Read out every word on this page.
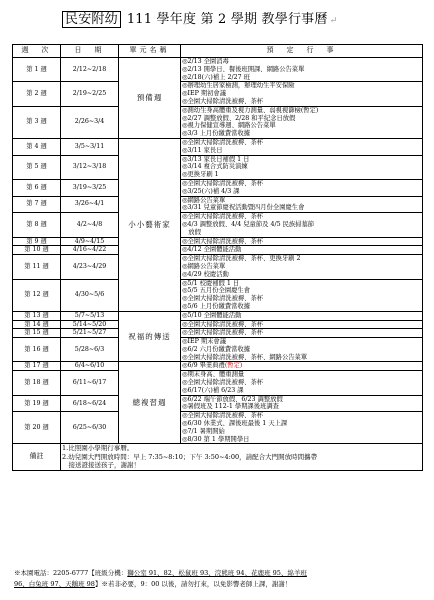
民安附幼 111 學年度 第 2 學期 教學行事曆 ↵
週　次	日　期	單元名稱	預　定　行　事
第 1 週	2/12~2/18	預備週	◎2/13 全園消毒
◎2/13 開學日、餐後班開課、網路公告菜單
◎2/18(六)補上 2/27 班

第 2 週	2/19~2/25		◎辦理幼生居家檢測，辦理幼生平安保險
◎IEP 期初會議
◎全園大掃除清洗被褥、茶杯

第 3 週	2/26~3/4		◎測幼生身高體重及視力測量、弱視視篩檢(暫定)
◎2/27 調整放假、2/28 和平紀念日放假
◎視力保健宣導週、網路公告菜單
◎3/3 上月份繳費當收據

第 4 週	3/5~3/11	小小藝術家	◎全園大掃除清洗被褥、茶杯
◎3/11 家長日

第 5 週	3/12~3/18		◎3/13 家長日補假 1 日
◎3/14 複合式防災演練
◎更換牙刷 1

第 6 週	3/19~3/25		◎全園大掃除清洗被褥、茶杯
◎3/25(六)補 4/3 課

第 7 週	3/26~4/1		◎網路公告菜單
◎3/31 兒童節慶祝活動暨四月份全園慶生會

第 8 週	4/2~4/8		◎全園大掃除清洗被褥、茶杯
◎4/3 調整放假、4/4 兒童節及 4/5 民族掃墓節
　放假

第 9 週	4/9~4/15		◎全園大掃除清洗被褥、茶杯

第 10 週	4/16~4/22		◎4/12 全園體能活動

第 11 週	4/23~4/29		◎全園大掃除清洗被褥、茶杯、更換牙刷 2
◎網路公告菜單
◎4/29 校慶活動

第 12 週	4/30~5/6		◎5/1 校慶補假 1 日
◎5/5 五月份全園慶生會
◎全園大掃除清洗被褥、茶杯
◎5/6 上月份繳費當收據

第 13 週	5/7~5/13	祝福的傳送	◎5/10 全園體能活動

第 14 週	5/14~5/20		◎全園大掃除清洗被褥、茶杯

第 15 週	5/21~5/27		◎全園大掃除清洗被褥、茶杯

第 16 週	5/28~6/3		◎IEP 期末會議
◎6/2 六月份繳費當收據
◎全園大掃除清洗被褥、茶杯、網路公告菜單

第 17 週	6/4~6/10	總複習週	◎6/9 畢業典禮(暫定)

第 18 週	6/11~6/17		◎期末身高、體重測量
◎全園大掃除清洗被褥、茶杯
◎6/17(六)補 6/23 課

第 19 週	6/18~6/24		◎6/22 端午節放假、6/23 調整放假
◎暑假班及 112-1 學期課後班調查

第 20 週	6/25~6/30		◎全園大掃除清洗被褥、茶杯
◎6/30 休業式、課後班最後 1 天上課
◎7/1 暑期開始
◎8/30 第 1 學期開學日

備註	1.比照園小學期行事曆。
2.幼兒園大門開放時間：早上 7:35~8:10；下午 3:50~4:00，請配合大門開放時間攜帶
　接送證接送孩子，謝謝！		
※本園電話：2205-6777【班級分機：獅公室 91、82、松鼠班 93、浣熊班 94、花鹿班 95、綿羊班
96、白兔班 97、天鵝班 98】※若非必要，9：00 以後，請勿打來，以免影響老師上課，謝謝！
